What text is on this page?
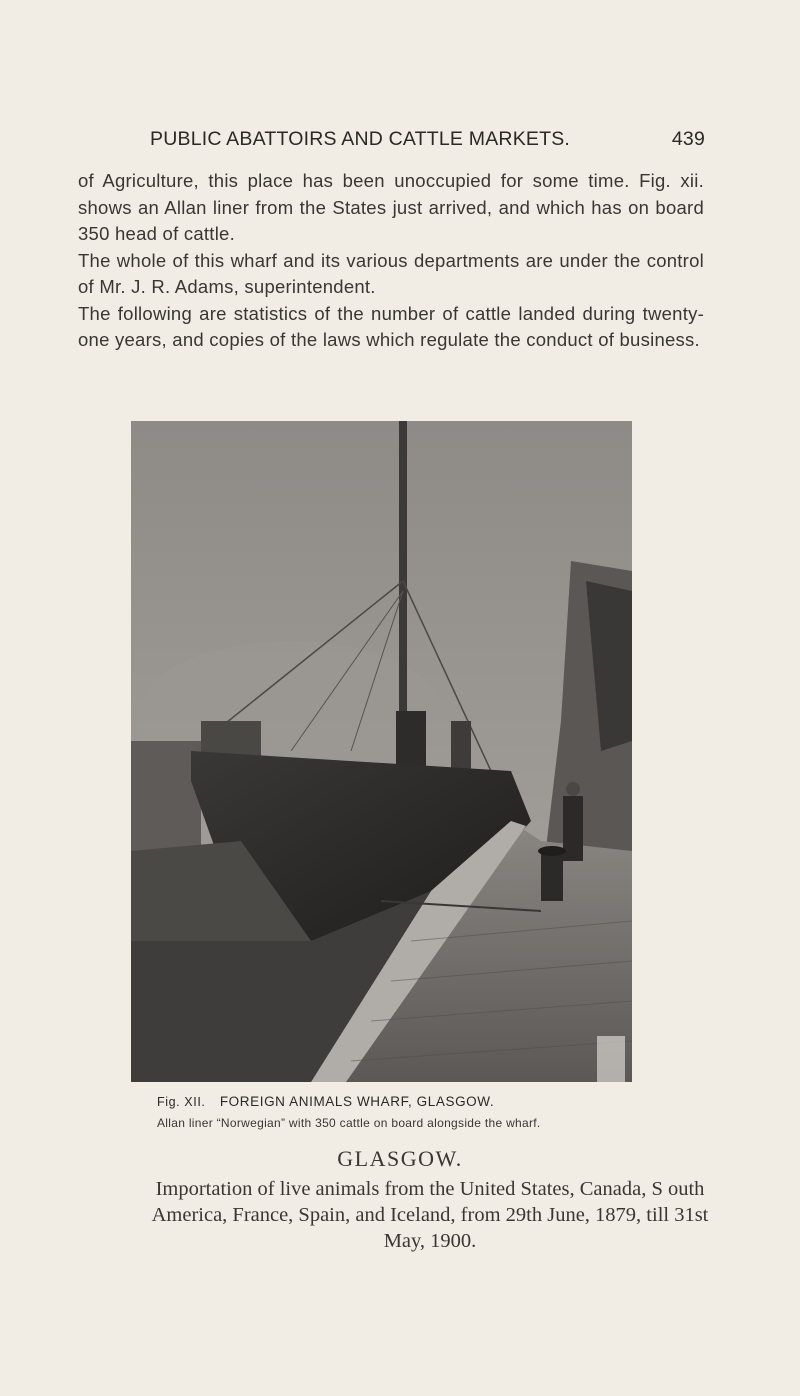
PUBLIC ABATTOIRS AND CATTLE MARKETS.	439

of Agriculture, this place has been unoccupied for some time. Fig. xii. shows an Allan liner from the States just arrived, and which has on board 350 head of cattle.

The whole of this wharf and its various departments are under the control of Mr. J. R. Adams, superintendent.

The following are statistics of the number of cattle landed during twenty-one years, and copies of the laws which regulate the conduct of business.

Fig. XII. FOREIGN ANIMALS WHARF, GLASGOW.
Allan liner “Norwegian” with 350 cattle on board alongside the wharf.
GLASGOW.
Importation of live animals from the United States, Canada, S outh America, France, Spain, and Iceland, from 29th June, 1879, till 31st May, 1900.
